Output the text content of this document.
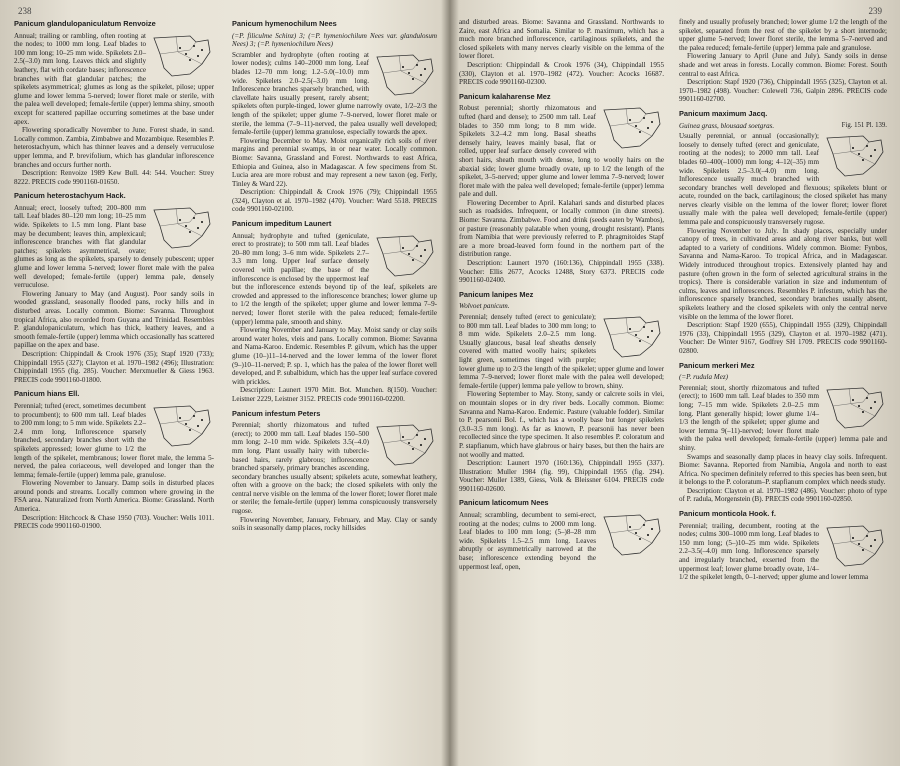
238
Panicum glandulopaniculatum Renvoize

Annual; trailing or rambling, often rooting at the nodes; to 1000 mm long. Leaf blades to 100 mm long; 10–25 mm wide. Spikelets 2.0–2.5(–3.0) mm long. Leaves thick and slightly leathery, flat with cordate bases; inflorescence branches with flat glandular patches; the spikelets asymmetrical; glumes as long as the spikelet, pilose; upper glume and lower lemma 5-nerved; lower floret male or sterile, with the palea well developed; female-fertile (upper) lemma shiny, smooth except for scattered papillae occurring sometimes at the base under apex.

Flowering sporadically November to June. Forest shade, in sand. Locally common. Zambia, Zimbabwe and Mozambique. Resembles P. heterostachyum, which has thinner leaves and a densely verruculose upper lemma, and P. brevifolium, which has glandular inflorescence branches and occurs further north.

Description: Renvoize 1989 Kew Bull. 44: 544. Voucher: Strey 8222. PRECIS code 9901160-01650.

Panicum heterostachyum Hack.

Annual; erect, loosely tufted; 200–800 mm tall. Leaf blades 80–120 mm long; 10–25 mm wide. Spikelets to 1.5 mm long. Plant base may be decumbent; leaves thin, amplexicaul; inflorescence branches with flat glandular patches; spikelets asymmetrical, ovate; glumes as long as the spikelets, sparsely to densely pubescent; upper glume and lower lemma 5-nerved; lower floret male with the palea well developed; female-fertile (upper) lemma pale, densely verruculose.

Flowering January to May (and August). Poor sandy soils in wooded grassland, seasonally flooded pans, rocky hills and in disturbed areas. Locally common. Biome: Savanna. Throughout tropical Africa, also recorded from Guyana and Trinidad. Resembles P. glandulopaniculatum, which has thick, leathery leaves, and a smooth female-fertile (upper) lemma which occasionally has scattered papillae on the apex and base.

Description: Chippindall & Crook 1976 (35); Stapf 1920 (733); Chippindall 1955 (327); Clayton et al. 1970–1982 (496); Illustration: Chippindall 1955 (fig. 285). Voucher: Merxmueller & Giess 1963. PRECIS code 9901160-01800.

Panicum hians Ell.

Perennial; tufted (erect, sometimes decumbent to procumbent); to 600 mm tall. Leaf blades to 200 mm long; to 5 mm wide. Spikelets 2.2–2.4 mm long. Inflorescence sparsely branched, secondary branches short with the spikelets appressed; lower glume to 1/2 the length of the spikelet, membranous; lower floret male, the lemma 5-nerved, the palea coriaceous, well developed and longer than the lemma; female-fertile (upper) lemma pale, granulose.

Flowering November to January. Damp soils in disturbed places around ponds and streams. Locally common where growing in the FSA area. Naturalized from North America. Biome: Grassland. North America.

Description: Hitchcock & Chase 1950 (703). Voucher: Wells 1011. PRECIS code 9901160-01900.

Panicum hymenochilum Nees
(=P. filiculme Schinz) 3; (=P. hymeniochilum Nees var. glandulosum Nees) 3; (=P. hymeniochilum Nees)

Scrambler and hydrophyte (often rooting at lower nodes); culms 140–2000 mm long. Leaf blades 12–70 mm long; 1.2–5.0(–10.0) mm wide. Spikelets 2.0–2.5(–3.0) mm long. Inflorescence branches sparsely branched, with clavellate hairs usually present, rarely absent; spikelets often purple-tinged, lower glume narrowly ovate, 1/2–2/3 the length of the spikelet; upper glume 7–9-nerved, lower floret male or sterile, the lemma (7–9–11)-nerved, the palea usually well developed; female-fertile (upper) lemma granulose, especially towards the apex.

Flowering December to May. Moist organically rich soils of river margins and perennial swamps, in or near water. Locally common. Biome: Savanna, Grassland and Forest. Northwards to east Africa, Ethiopia and Guinea, also in Madagascar. A few specimens from St. Lucia area are more robust and may represent a new taxon (eg. Ferly, Tinley & Ward 22).

Description: Chippindall & Crook 1976 (79); Chippindall 1955 (324), Clayton et al. 1970–1982 (470). Voucher: Ward 5518. PRECIS code 9901160-02100.

Panicum impeditum Launert

Annual; hydrophyte and tufted (geniculate, erect to prostrate); to 500 mm tall. Leaf blades 20–80 mm long; 3–6 mm wide. Spikelets 2.7–3.3 mm long. Upper leaf surface densely covered with papillae; the base of the inflorescence is enclosed by the uppermost leaf but the inflorescence extends beyond tip of the leaf, spikelets are crowded and appressed to the inflorescence branches; lower glume up to 1/2 the length of the spikelet; upper glume and lower lemma 7–9-nerved; lower floret sterile with the palea reduced; female-fertile (upper) lemma pale, smooth and shiny.

Flowering November and January to May. Moist sandy or clay soils around water holes, vleis and pans. Locally common. Biome: Savanna and Nama-Karoo. Endemic. Resembles P. gilvum, which has the upper glume (10–)11–14-nerved and the lower lemma of the lower floret (9–)10–11-nerved; P. sp. 1, which has the palea of the lower floret well developed, and P. subalbidum, which has the upper leaf surface covered with prickles.

Description: Launert 1970 Mitt. Bot. Munchen. 8(150). Voucher: Leistner 2229, Leistner 3152. PRECIS code 9901160-02200.

Panicum infestum Peters

Perennial; shortly rhizomatous and tufted (erect); to 2000 mm tall. Leaf blades 150–500 mm long; 2–10 mm wide. Spikelets 3.5(–4.0) mm long. Plant usually hairy with tubercle-based hairs, rarely glabrous; inflorescence branched sparsely, primary branches ascending, secondary branches usually absent; spikelets acute, somewhat leathery, often with a groove on the back; the closed spikelets with only the central nerve visible on the lemma of the lower floret; lower floret male or sterile; the female-fertile (upper) lemma conspicuously transversely rugose.

Flowering November, January, February, and May. Clay or sandy soils in seasonally damp places, rocky hillsides

239

and disturbed areas. Biome: Savanna and Grassland. Northwards to Zaire, east Africa and Somalia. Similar to P. maximum, which has a much more branched inflorescence, cartilaginous spikelets, and the closed spikelets with many nerves clearly visible on the lemma of the lower floret.

Description: Chippindall & Crook 1976 (34), Chippindall 1955 (330), Clayton et al. 1970–1982 (472). Voucher: Acocks 16687. PRECIS code 9901160-02300.

Panicum kalaharense Mez

Robust perennial; shortly rhizomatous and tufted (hard and dense); to 2500 mm tall. Leaf blades to 350 mm long; to 8 mm wide. Spikelets 3.2–4.2 mm long. Basal sheaths densely hairy, leaves mainly basal, flat or rolled, upper leaf surface densely covered with short hairs, sheath mouth with dense, long to woolly hairs on the abaxial side; lower glume broadly ovate, up to 1/2 the length of the spikelet, 3–5-nerved; upper glume and lower lemma 7–9-nerved; lower floret male with the palea well developed; female-fertile (upper) lemma pale and dull.

Flowering December to April. Kalahari sands and disturbed places such as roadsides. Infrequent, or locally common (in dune streets). Biome: Savanna. Zimbabwe. Food and drink (seeds eaten by Wambos), or pasture (reasonably palatable when young, drought resistant). Plants from Namibia that were previously referred to P. phragmitoides Stapf are a more broad-leaved form found in the northern part of the distribution range.

Description: Launert 1970 (160:136), Chippindall 1955 (338). Voucher: Ellis 2677, Acocks 12488, Story 6373. PRECIS code 9901160-02400.

Panicum lanipes Mez
Wolvoet panicum.

Perennial; densely tufted (erect to geniculate); to 800 mm tall. Leaf blades to 300 mm long; to 8 mm wide. Spikelets 2.0–2.5 mm long. Usually glaucous, basal leaf sheaths densely covered with matted woolly hairs; spikelets light green, sometimes tinged with purple; lower glume up to 2/3 the length of the spikelet; upper glume and lower lemma 7–9-nerved; lower floret male with the palea well developed; female-fertile (upper) lemma pale yellow to brown, shiny.

Flowering September to May. Stony, sandy or calcrete soils in vlei, on mountain slopes or in dry river beds. Locally common. Biome: Savanna and Nama-Karoo. Endemic. Pasture (valuable fodder). Similar to P. pearsonii Bol. f., which has a woolly base but longer spikelets (3.0–3.5 mm long). As far as known, P. pearsonii has never been recollected since the type specimen. It also resembles P. coloratum and P. stapfianum, which have glabrous or hairy bases, but then the hairs are not woolly and matted.

Description: Launert 1970 (160:136), Chippindall 1955 (337). Illustration: Muller 1984 (fig. 99), Chippindall 1955 (fig. 294). Voucher: Muller 1389, Giess, Volk & Bleissner 6104. PRECIS code 9901160-02600.

Panicum laticomum Nees

Annual; scrambling, decumbent to semi-erect, rooting at the nodes; culms to 2000 mm long. Leaf blades to 100 mm long; (5–)8–28 mm wide. Spikelets 1.5–2.5 mm long. Leaves abruptly or asymmetrically narrowed at the base; inflorescence extending beyond the uppermost leaf, open,

finely and usually profusely branched; lower glume 1/2 the length of the spikelet, separated from the rest of the spikelet by a short internode; upper glume 5-nerved; lower floret sterile, the lemma 5–7-nerved and the palea reduced; female-fertile (upper) lemma pale and granulose.

Flowering January to April (June and July). Sandy soils in dense shade and wet areas in forests. Locally common. Biome: Forest. South central to east Africa.

Description: Stapf 1920 (736), Chippindall 1955 (325), Clayton et al. 1970–1982 (498). Voucher: Colewell 736, Galpin 2896. PRECIS code 9901160-02700.

Panicum maximum Jacq.
Fig. 151 Pl. 139.
Guinea grass, blousaad soetgras.

Usually perennial, or annual (occasionally); loosely to densely tufted (erect and geniculate, rooting at the nodes); to 2000 mm tall. Leaf blades 60–400(–1000) mm long; 4–12(–35) mm wide. Spikelets 2.5–3.0(–4.0) mm long. Inflorescence usually much branched with secondary branches well developed and flexuous; spikelets blunt or acute, rounded on the back, cartilaginous; the closed spikelet has many nerves clearly visible on the lemma of the lower floret; lower floret usually male with the palea well developed; female-fertile (upper) lemma pale and conspicuously transversely rugose.

Flowering November to July. In shady places, especially under canopy of trees, in cultivated areas and along river banks, but well adapted to a variety of conditions. Widely common. Biome: Fynbos, Savanna and Nama-Karoo. To tropical Africa, and in Madagascar. Widely introduced throughout tropics. Extensively planted hay and pasture (often grown in the form of selected agricultural strains in the tropics). There is considerable variation in size and indumentum of culms, leaves and inflorescences. Resembles P. infestum, which has the inflorescence sparsely branched, secondary branches usually absent, spikelets leathery and the closed spikelets with only the central nerve visible on the lemma of the lower floret.

Description: Stapf 1920 (655), Chippindall 1955 (329), Chippindall 1976 (33), Chippindall 1955 (329), Clayton et al. 1970–1982 (471). Voucher: De Winter 9167, Godfrey SH 1709. PRECIS code 9901160-02800.

Panicum merkeri Mez
(=P. rudula Mez)

Perennial; stout, shortly rhizomatous and tufted (erect); to 1600 mm tall. Leaf blades to 350 mm long; 7–15 mm wide. Spikelets 2.0–2.5 mm long. Plant generally hispid; lower glume 1/4–1/3 the length of the spikelet; upper glume and lower lemma 9(–11)-nerved; lower floret male with the palea well developed; female-fertile (upper) lemma pale and shiny.

Swamps and seasonally damp places in heavy clay soils. Infrequent. Biome: Savanna. Reported from Namibia, Angola and north to east Africa. No specimen definitely referred to this species has been seen, but it belongs to the P. coloratum–P. stapfianum complex which needs study.

Description: Clayton et al. 1970–1982 (486). Voucher: photo of type of P. radula, Morgenstein (B). PRECIS code 9901160-02850.

Panicum monticola Hook. f.

Perennial; trailing, decumbent, rooting at the nodes; culms 300–1000 mm long. Leaf blades to 150 mm long; (5–)10–25 mm wide. Spikelets 2.2–3.5(–4.0) mm long. Inflorescence sparsely and irregularly branched, exserted from the uppermost leaf; lower glume broadly ovate, 1/4–1/2 the spikelet length, 0–1-nerved; upper glume and lower lemma
